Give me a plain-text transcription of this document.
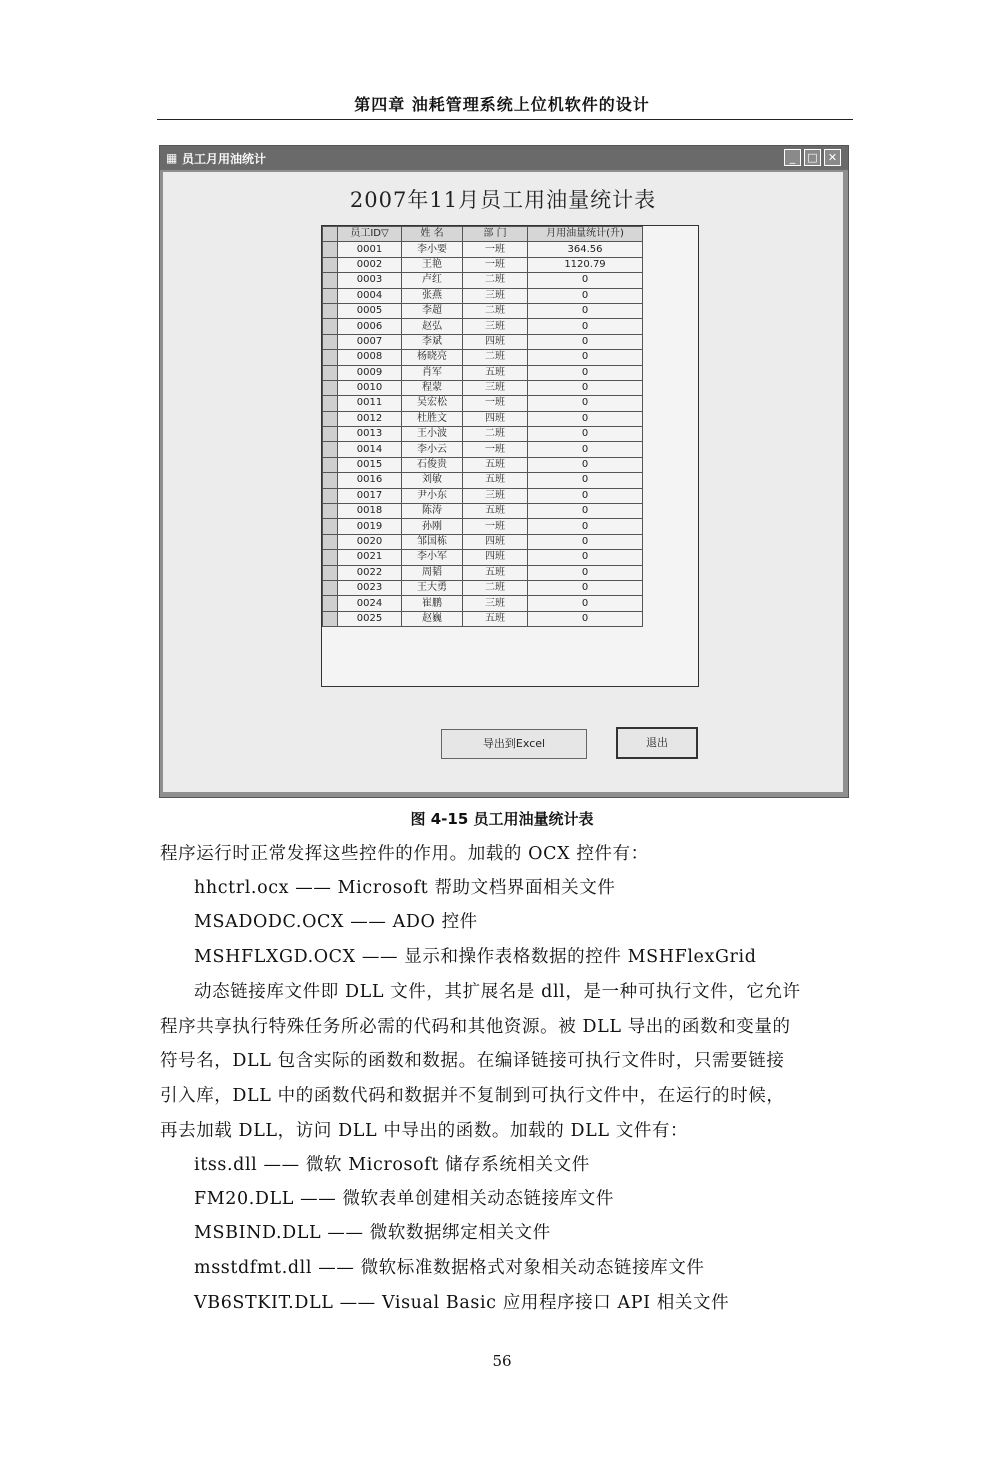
第四章 油耗管理系统上位机软件的设计
▦ 员工月用油统计	_	□ ✕
2007年11月员工用油量统计表
	员工ID▽	姓 名	部 门	月用油量统计(升)
	0001	李小要	一班	364.56
	0002	王艳	一班	1120.79
	0003	卢红	二班	0
	0004	张燕	三班	0
	0005	李超	二班	0
	0006	赵弘	三班	0
	0007	李斌	四班	0
	0008	杨晓亮	二班	0
	0009	肖军	五班	0
	0010	程蒙	三班	0
	0011	吴宏松	一班	0
	0012	杜胜文	四班	0
	0013	王小波	二班	0
	0014	李小云	一班	0
	0015	石俊贵	五班	0
	0016	刘敏	五班	0
	0017	尹小东	三班	0
	0018	陈涛	五班	0
	0019	孙刚	一班	0
	0020	邹国栋	四班	0
	0021	李小军	四班	0
	0022	周韬	五班	0
	0023	王大勇	二班	0
	0024	崔鹏	三班	0
	0025	赵巍	五班	0
导出到Excel	退出
图 4-15 员工用油量统计表
程序运行时正常发挥这些控件的作用。加载的 OCX 控件有：
hhctrl.ocx —— Microsoft 帮助文档界面相关文件
MSADODC.OCX —— ADO 控件
MSHFLXGD.OCX —— 显示和操作表格数据的控件 MSHFlexGrid
动态链接库文件即 DLL 文件，其扩展名是 dll，是一种可执行文件，它允许
程序共享执行特殊任务所必需的代码和其他资源。被 DLL 导出的函数和变量的
符号名，DLL 包含实际的函数和数据。在编译链接可执行文件时，只需要链接
引入库，DLL 中的函数代码和数据并不复制到可执行文件中，在运行的时候，
再去加载 DLL，访问 DLL 中导出的函数。加载的 DLL 文件有：
itss.dll —— 微软 Microsoft 储存系统相关文件
FM20.DLL —— 微软表单创建相关动态链接库文件
MSBIND.DLL —— 微软数据绑定相关文件
msstdfmt.dll —— 微软标准数据格式对象相关动态链接库文件
VB6STKIT.DLL —— Visual Basic 应用程序接口 API 相关文件
56
